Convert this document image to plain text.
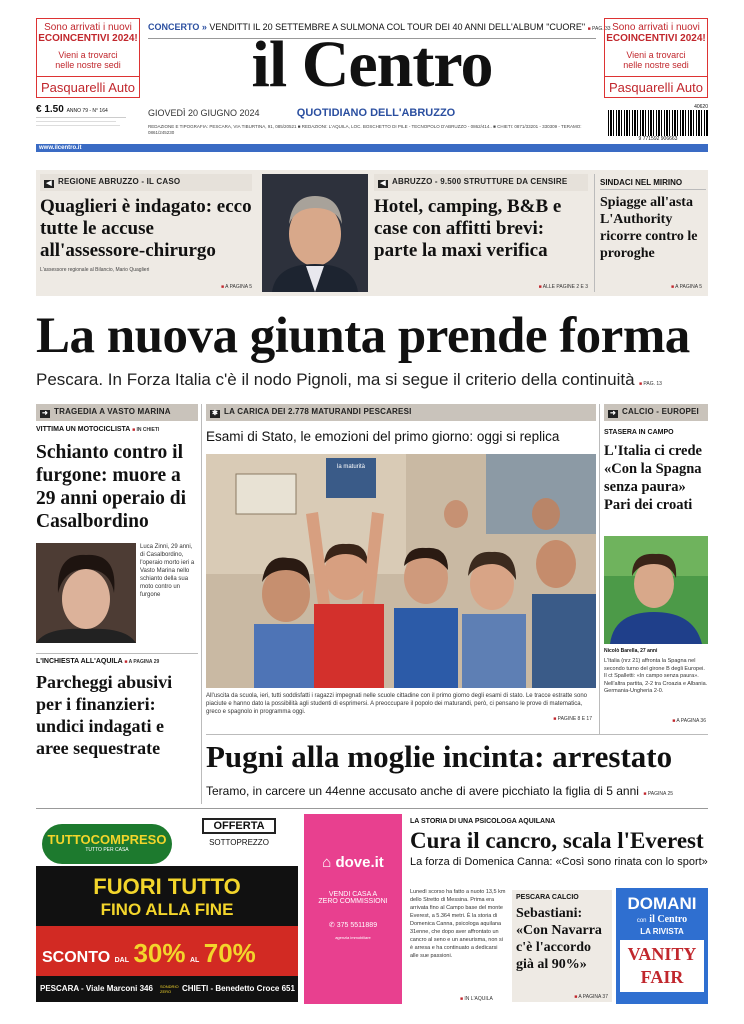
Sono arrivati i nuovi
ECOINCENTIVI 2024!
Vieni a trovarci
nelle nostre sedi
Pasquarelli Auto
Sono arrivati i nuovi
ECOINCENTIVI 2024!
Vieni a trovarci
nelle nostre sedi
Pasquarelli Auto
CONCERTO » VENDITTI IL 20 SETTEMBRE A SULMONA COL TOUR DEI 40 ANNI DELL'ALBUM "CUORE" ■ PAG. 33
il Centro
GIOVEDÌ 20 GIUGNO 2024	QUOTIDIANO DELL'ABRUZZO
€ 1.50 ANNO 79 - N° 164
REDAZIONE E TIPOGRAFIA: PESCARA, VIA TIBURTINA, 91, 085/20521 ■ REDAZIONI: L'AQUILA, LOC. BOSCHETTO DI PILE - TECNOPOLO D'ABRUZZO - 0862/414.. ■ CHIETI: 0871/33201 - 330309 - TERAMO: 0861/245230
40620
9 771592 906663
www.ilcentro.it
◀ REGIONE ABRUZZO - IL CASO
Quaglieri è indagato: ecco tutte le accuse all'assessore-chirurgo
L'assessore regionale al Bilancio, Mario Quaglieri
■ A PAGINA 5
◀ ABRUZZO - 9.500 STRUTTURE DA CENSIRE
Hotel, camping, B&B e case con affitti brevi: parte la maxi verifica
■ ALLE PAGINE 2 E 3
SINDACI NEL MIRINO
Spiagge all'asta L'Authority ricorre contro le proroghe
■ A PAGINA 5
La nuova giunta prende forma
Pescara. In Forza Italia c'è il nodo Pignoli, ma si segue il criterio della continuità ■ PAG. 13
➜ TRAGEDIA A VASTO MARINA
VITTIMA UN MOTOCICLISTA ■ IN CHIETI
Schianto contro il furgone: muore a 29 anni operaio di Casalbordino
Luca Zinni, 29 anni, di Casalbordino, l'operaio morto ieri a Vasto Marina nello schianto della sua moto contro un furgone
L'INCHIESTA ALL'AQUILA ■ A PAGINA 29
Parcheggi abusivi per i finanzieri: undici indagati e aree sequestrate
✱ LA CARICA DEI 2.778 MATURANDI PESCARESI
Esami di Stato, le emozioni del primo giorno: oggi si replica
la maturità
All'uscita da scuola, ieri, tutti soddisfatti i ragazzi impegnati nelle scuole cittadine con il primo giorno degli esami di stato. Le tracce estratte sono piaciute e hanno dato la possibilità agli studenti di esprimersi. A preoccupare il popolo dei maturandi, però, ci pensano le prove di matematica, greco e spagnolo in programma oggi.
■ PAGINE 8 E 17
➜ CALCIO - EUROPEI
STASERA IN CAMPO
L'Italia ci crede «Con la Spagna senza paura» Pari dei croati
Nicolò Barella, 27 anni
L'Italia (nrz 21) affronta la Spagna nel secondo turno del girone B degli Europei. Il ct Spalletti: «In campo senza paura». Nell'altra partita, 2-2 tra Croazia e Albania. Germania-Ungheria 2-0.
■ A PAGINA 36
Pugni alla moglie incinta: arrestato
Teramo, in carcere un 44enne accusato anche di avere picchiato la figlia di 5 anni ■ PAGINA 25
TUTTOCOMPRESO
TUTTO PER CASA
OFFERTA
SOTTOPREZZO
FUORI TUTTO
FINO ALLA FINE
SCONTO DAL 30% AL 70%
PESCARA - Viale Marconi 346 SONDRIO ZERO	CHIETI - Benedetto Croce 651
⌂ dove.it
VENDI CASA A
ZERO COMMISSIONI
✆ 375 5511889
agenzia immobiliare
LA STORIA DI UNA PSICOLOGA AQUILANA
Cura il cancro, scala l'Everest
La forza di Domenica Canna: «Così sono rinata con lo sport»
Lunedì scorso ha fatto a nuoto 13,5 km dello Stretto di Messina. Prima era arrivata fino al Campo base del monte Everest, a 5.364 metri. È la storia di Domenica Canna, psicologa aquilana 31enne, che dopo aver affrontato un cancro al seno e un aneurisma, non si è arresa e ha continuato a dedicarsi alle sue passioni.
■ IN L'AQUILA
PESCARA CALCIO
Sebastiani: «Con Navarra c'è l'accordo già al 90%»
■ A PAGINA 37
DOMANI
con il Centro
LA RIVISTA
VANITY
FAIR
